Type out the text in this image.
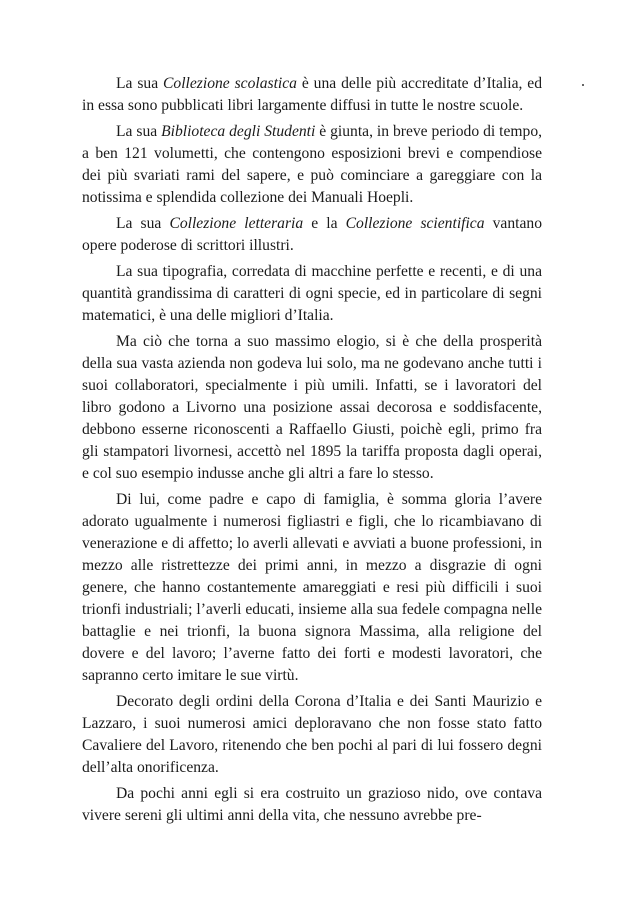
La sua Collezione scolastica è una delle più accreditate d’Italia, ed in essa sono pubblicati libri largamente diffusi in tutte le nostre scuole.

La sua Biblioteca degli Studenti è giunta, in breve periodo di tempo, a ben 121 volumetti, che contengono esposizioni brevi e compendiose dei più svariati rami del sapere, e può cominciare a gareggiare con la notissima e splendida collezione dei Manuali Hoepli.

La sua Collezione letteraria e la Collezione scientifica vantano opere poderose di scrittori illustri.

La sua tipografia, corredata di macchine perfette e recenti, e di una quantità grandissima di caratteri di ogni specie, ed in particolare di segni matematici, è una delle migliori d’Italia.

Ma ciò che torna a suo massimo elogio, si è che della prosperità della sua vasta azienda non godeva lui solo, ma ne godevano anche tutti i suoi collaboratori, specialmente i più umili. Infatti, se i lavoratori del libro godono a Livorno una posizione assai decorosa e soddisfacente, debbono esserne riconoscenti a Raffaello Giusti, poichè egli, primo fra gli stampatori livornesi, accettò nel 1895 la tariffa proposta dagli operai, e col suo esempio indusse anche gli altri a fare lo stesso.

Di lui, come padre e capo di famiglia, è somma gloria l’avere adorato ugualmente i numerosi figliastri e figli, che lo ricambiavano di venerazione e di affetto; lo averli allevati e avviati a buone professioni, in mezzo alle ristrettezze dei primi anni, in mezzo a disgrazie di ogni genere, che hanno costantemente amareggiati e resi più difficili i suoi trionfi industriali; l’averli educati, insieme alla sua fedele compagna nelle battaglie e nei trionfi, la buona signora Massima, alla religione del dovere e del lavoro; l’averne fatto dei forti e modesti lavoratori, che sapranno certo imitare le sue virtù.

Decorato degli ordini della Corona d’Italia e dei Santi Maurizio e Lazzaro, i suoi numerosi amici deploravano che non fosse stato fatto Cavaliere del Lavoro, ritenendo che ben pochi al pari di lui fossero degni dell’alta onorificenza.

Da pochi anni egli si era costruito un grazioso nido, ove contava vivere sereni gli ultimi anni della vita, che nessuno avrebbe pre-
